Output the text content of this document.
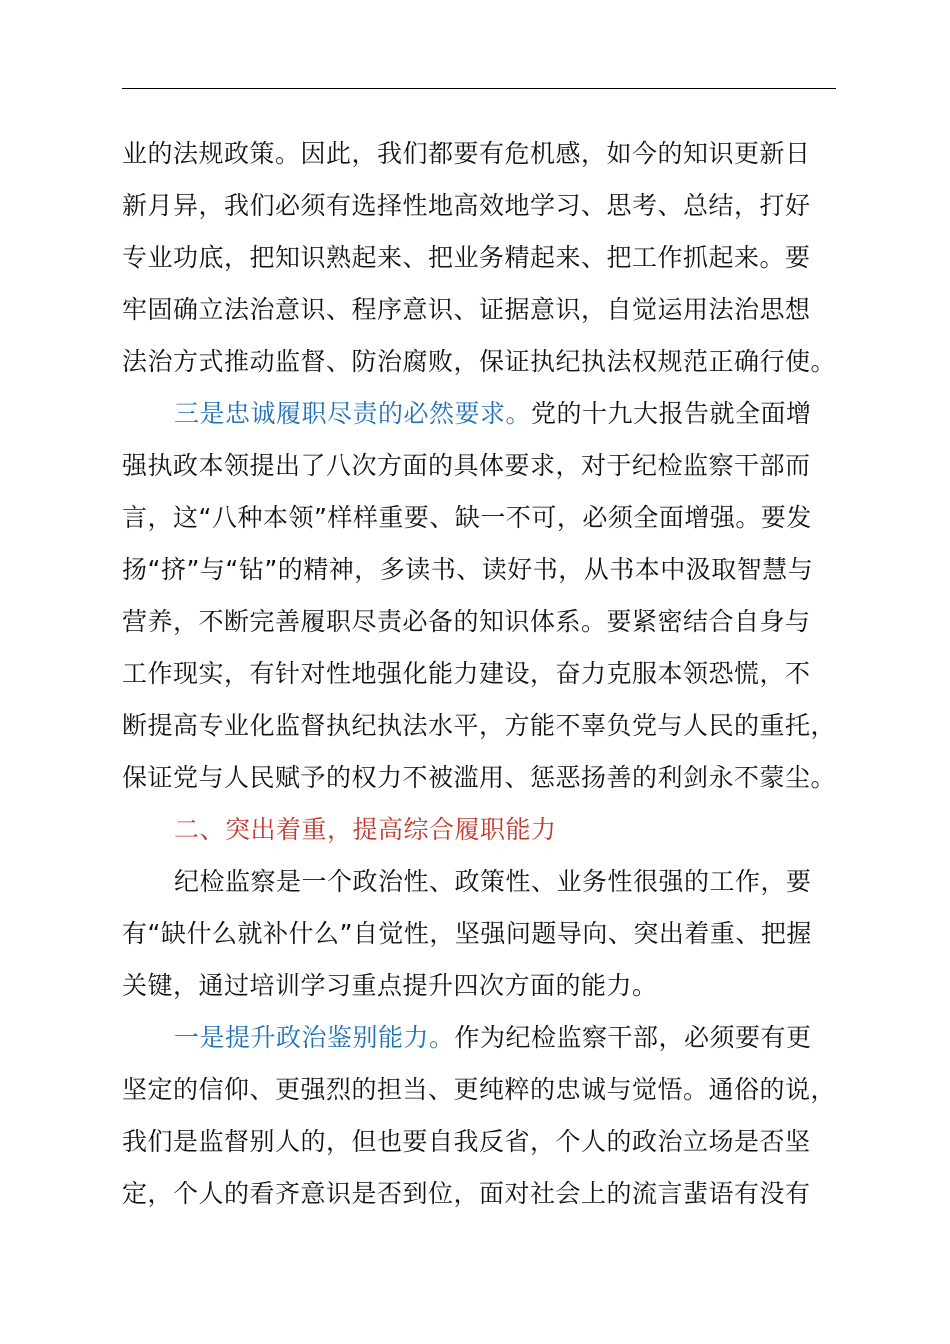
业的法规政策。因此，我们都要有危机感，如今的知识更新日
新月异，我们必须有选择性地高效地学习、思考、总结，打好
专业功底，把知识熟起来、把业务精起来、把工作抓起来。要
牢固确立法治意识、程序意识、证据意识，自觉运用法治思想
法治方式推动监督、防治腐败，保证执纪执法权规范正确行使。
三是忠诚履职尽责的必然要求。党的十九大报告就全面增
强执政本领提出了八次方面的具体要求，对于纪检监察干部而
言，这“八种本领”样样重要、缺一不可，必须全面增强。要发
扬“挤”与“钻”的精神，多读书、读好书，从书本中汲取智慧与
营养，不断完善履职尽责必备的知识体系。要紧密结合自身与
工作现实，有针对性地强化能力建设，奋力克服本领恐慌，不
断提高专业化监督执纪执法水平，方能不辜负党与人民的重托，
保证党与人民赋予的权力不被滥用、惩恶扬善的利剑永不蒙尘。
二、突出着重，提高综合履职能力
纪检监察是一个政治性、政策性、业务性很强的工作，要
有“缺什么就补什么”自觉性，坚强问题导向、突出着重、把握
关键，通过培训学习重点提升四次方面的能力。
一是提升政治鉴别能力。作为纪检监察干部，必须要有更
坚定的信仰、更强烈的担当、更纯粹的忠诚与觉悟。通俗的说，
我们是监督别人的，但也要自我反省，个人的政治立场是否坚
定，个人的看齐意识是否到位，面对社会上的流言蜚语有没有
